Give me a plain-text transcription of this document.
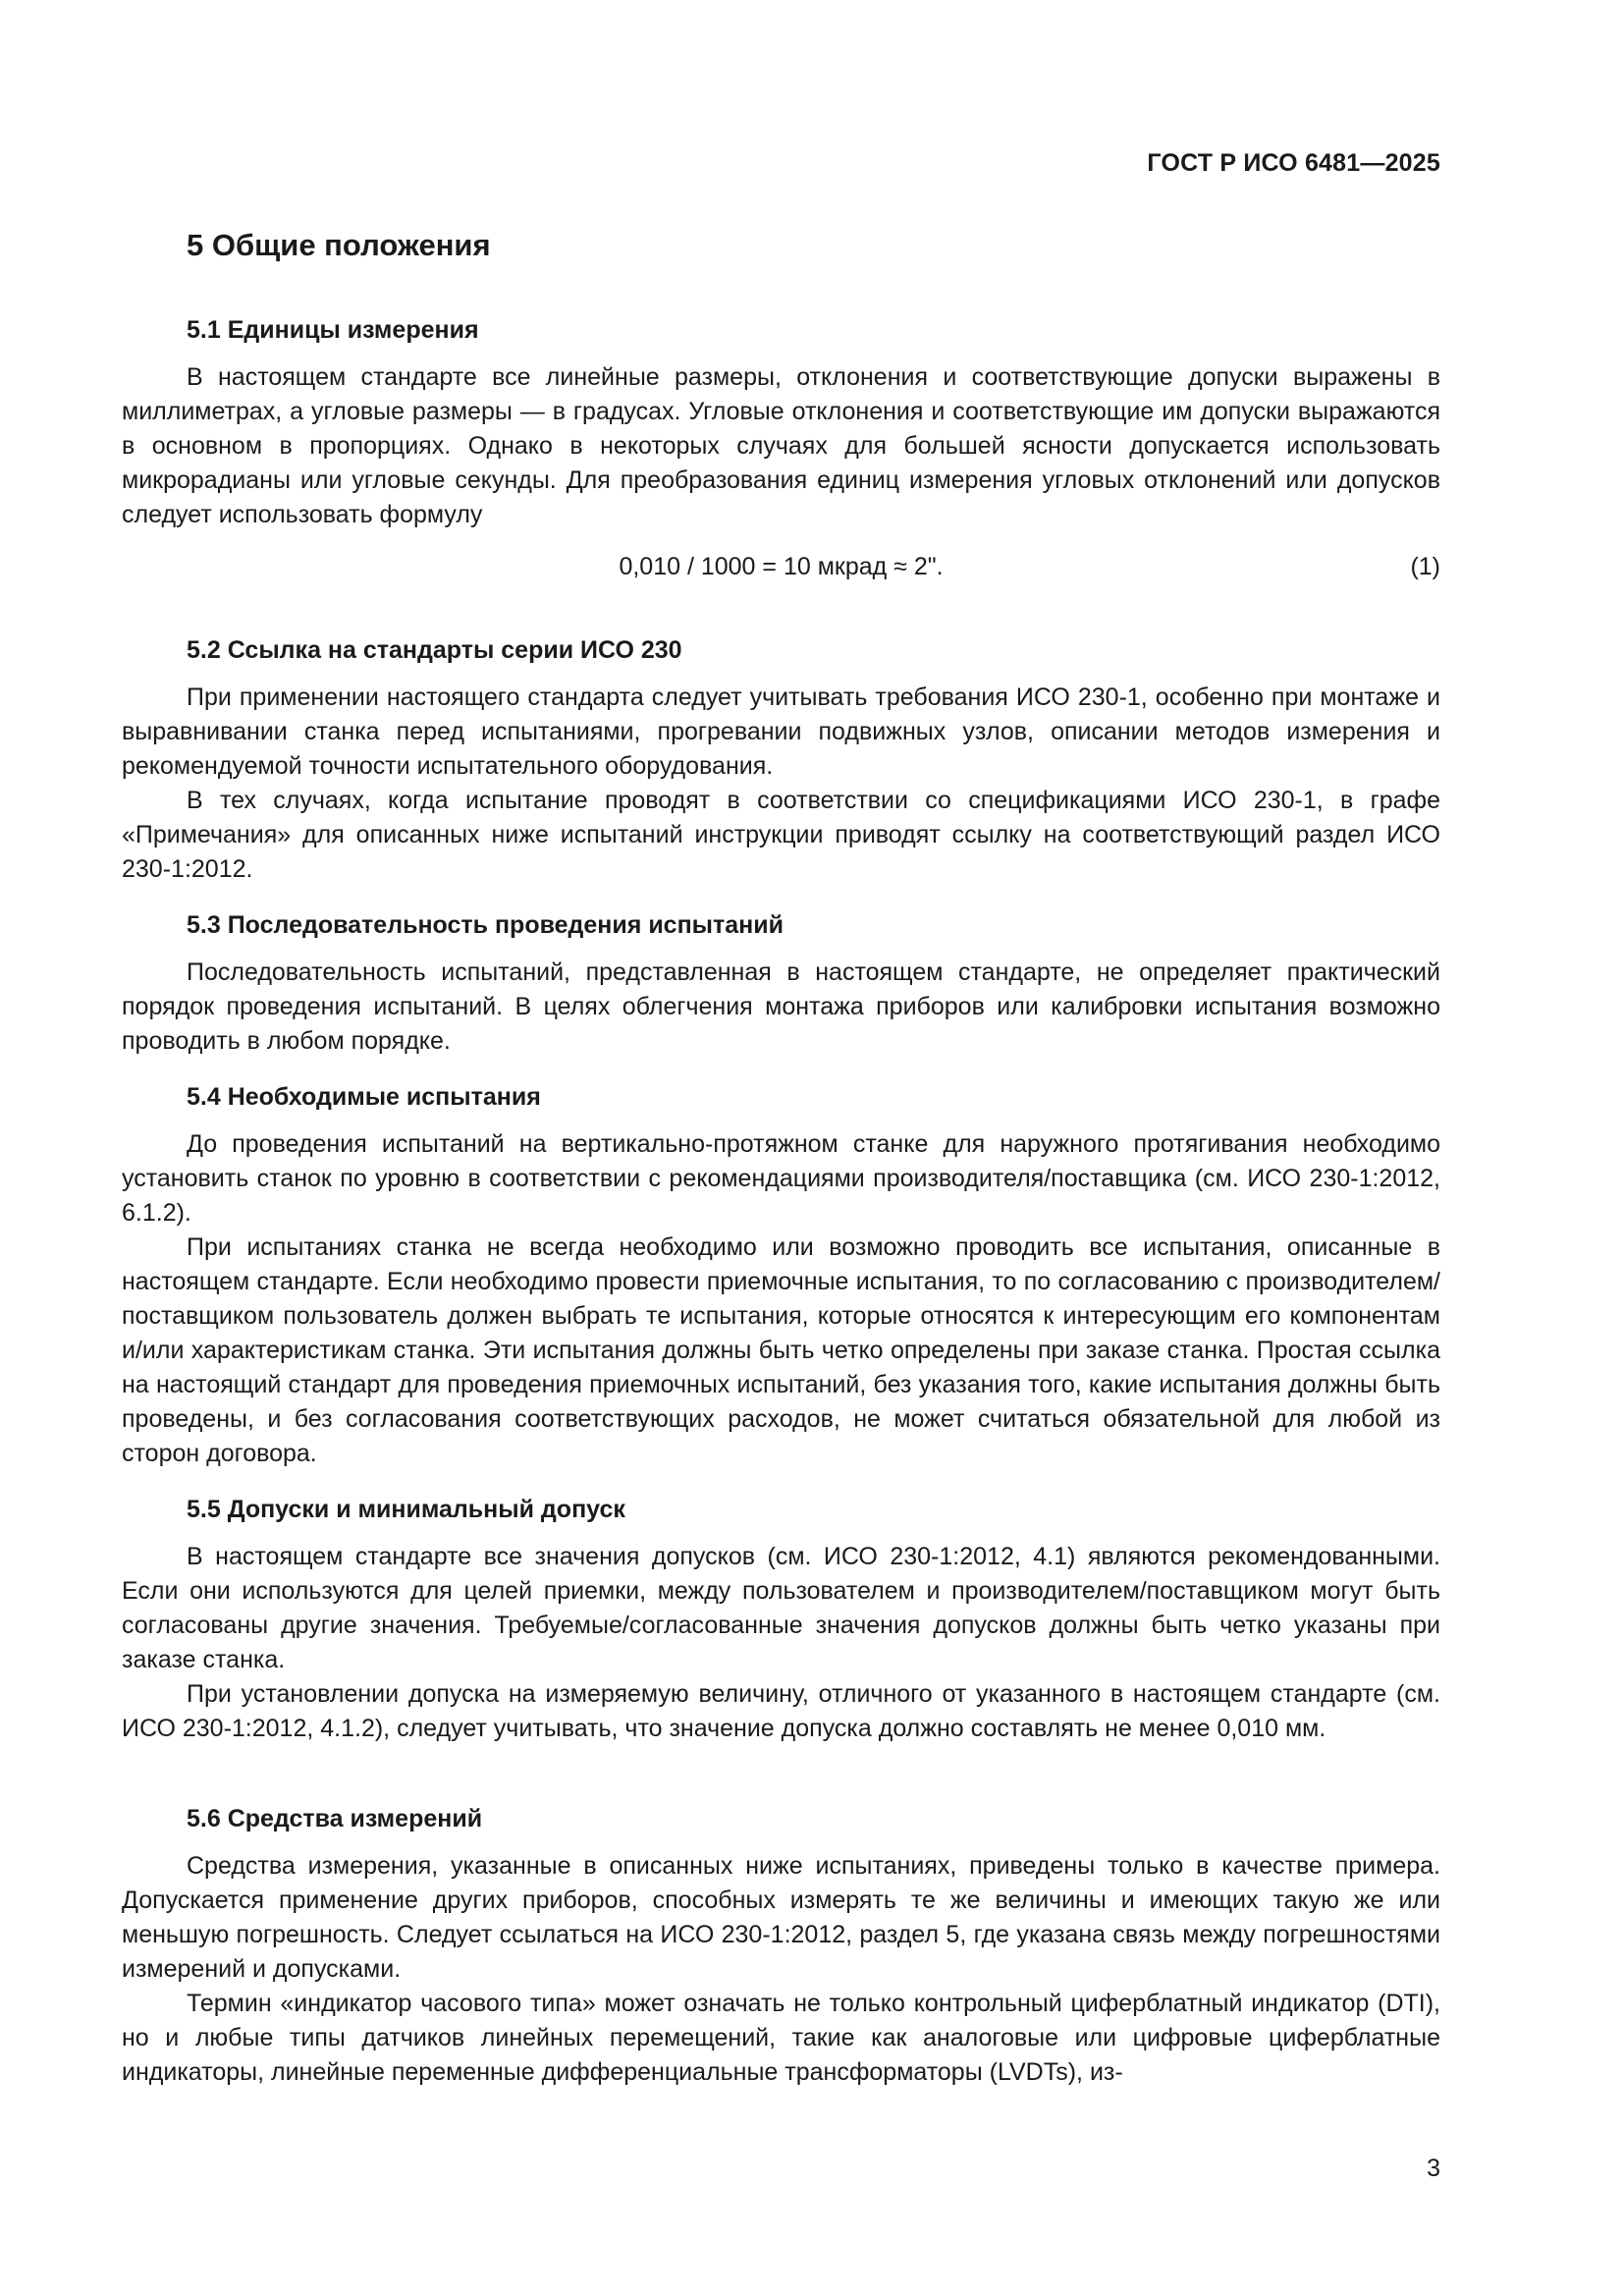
ГОСТ Р ИСО 6481—2025
5 Общие положения
5.1 Единицы измерения

В настоящем стандарте все линейные размеры, отклонения и соответствующие допуски выражены в миллиметрах, а угловые размеры — в градусах. Угловые отклонения и соответствующие им допуски выражаются в основном в пропорциях. Однако в некоторых случаях для большей ясности допускается использовать микрорадианы или угловые секунды. Для преобразования единиц измерения угловых отклонений или допусков следует использовать формулу

0,010 / 1000 = 10 мкрад ≈ 2".	(1)
5.2 Ссылка на стандарты серии ИСО 230

При применении настоящего стандарта следует учитывать требования ИСО 230-1, особенно при монтаже и выравнивании станка перед испытаниями, прогревании подвижных узлов, описании методов измерения и рекомендуемой точности испытательного оборудования.

В тех случаях, когда испытание проводят в соответствии со спецификациями ИСО 230-1, в графе «Примечания» для описанных ниже испытаний инструкции приводят ссылку на соответствующий раздел ИСО 230-1:2012.

5.3 Последовательность проведения испытаний

Последовательность испытаний, представленная в настоящем стандарте, не определяет практический порядок проведения испытаний. В целях облегчения монтажа приборов или калибровки испытания возможно проводить в любом порядке.

5.4 Необходимые испытания

До проведения испытаний на вертикально-протяжном станке для наружного протягивания необходимо установить станок по уровню в соответствии с рекомендациями производителя/поставщика (см. ИСО 230-1:2012, 6.1.2).

При испытаниях станка не всегда необходимо или возможно проводить все испытания, описанные в настоящем стандарте. Если необходимо провести приемочные испытания, то по согласованию с производителем/поставщиком пользователь должен выбрать те испытания, которые относятся к интересующим его компонентам и/или характеристикам станка. Эти испытания должны быть четко определены при заказе станка. Простая ссылка на настоящий стандарт для проведения приемочных испытаний, без указания того, какие испытания должны быть проведены, и без согласования соответствующих расходов, не может считаться обязательной для любой из сторон договора.

5.5 Допуски и минимальный допуск

В настоящем стандарте все значения допусков (см. ИСО 230-1:2012, 4.1) являются рекомендованными. Если они используются для целей приемки, между пользователем и производителем/поставщиком могут быть согласованы другие значения. Требуемые/согласованные значения допусков должны быть четко указаны при заказе станка.

При установлении допуска на измеряемую величину, отличного от указанного в настоящем стандарте (см. ИСО 230-1:2012, 4.1.2), следует учитывать, что значение допуска должно составлять не менее 0,010 мм.

5.6 Средства измерений

Средства измерения, указанные в описанных ниже испытаниях, приведены только в качестве примера. Допускается применение других приборов, способных измерять те же величины и имеющих такую же или меньшую погрешность. Следует ссылаться на ИСО 230-1:2012, раздел 5, где указана связь между погрешностями измерений и допусками.

Термин «индикатор часового типа» может означать не только контрольный циферблатный индикатор (DTI), но и любые типы датчиков линейных перемещений, такие как аналоговые или цифровые циферблатные индикаторы, линейные переменные дифференциальные трансформаторы (LVDTs), из-

3
